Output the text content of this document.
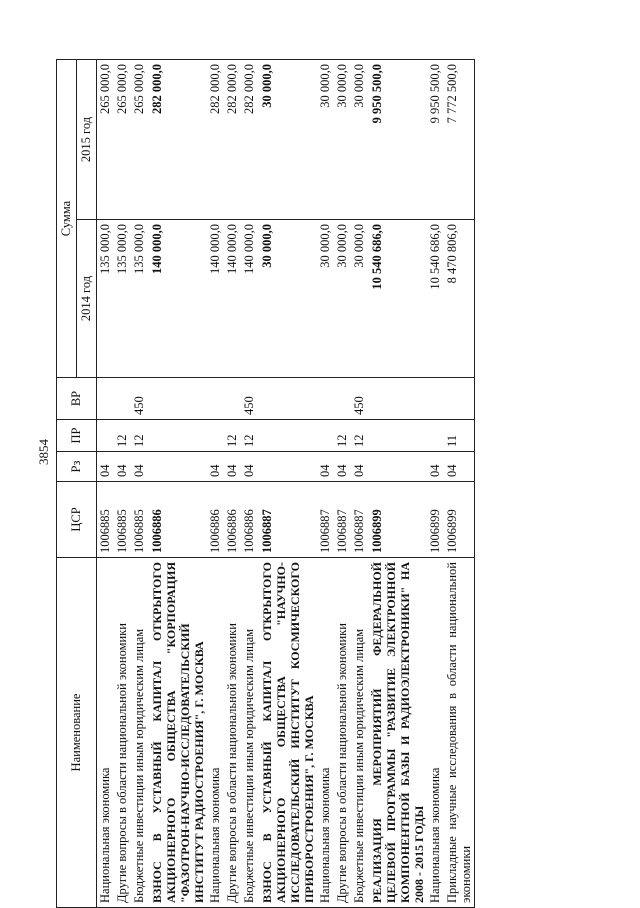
3854
Наименование	ЦСР	Рз	ПР	ВР	Сумма	
					2014 год	2015 год
Национальная экономика	1006885	04			135 000,0	265 000,0
Другие вопросы в области национальной экономики	1006885	04	12		135 000,0	265 000,0
Бюджетные инвестиции иным юридическим лицам	1006885	04	12	450	135 000,0	265 000,0
ВЗНОС В УСТАВНЫЙ КАПИТАЛ ОТКРЫТОГО АКЦИОНЕРНОГО ОБЩЕСТВА "КОРПОРАЦИЯ "ФАЗОТРОН-НАУЧНО-ИССЛЕДОВАТЕЛЬСКИЙ ИНСТИТУТ РАДИОСТРОЕНИЯ", Г. МОСКВА	1006886				140 000,0	282 000,0
Национальная экономика	1006886	04			140 000,0	282 000,0
Другие вопросы в области национальной экономики	1006886	04	12		140 000,0	282 000,0
Бюджетные инвестиции иным юридическим лицам	1006886	04	12	450	140 000,0	282 000,0
ВЗНОС В УСТАВНЫЙ КАПИТАЛ ОТКРЫТОГО АКЦИОНЕРНОГО ОБЩЕСТВА "НАУЧНО-ИССЛЕДОВАТЕЛЬСКИЙ ИНСТИТУТ КОСМИЧЕСКОГО ПРИБОРОСТРОЕНИЯ", Г. МОСКВА	1006887				30 000,0	30 000,0
Национальная экономика	1006887	04			30 000,0	30 000,0
Другие вопросы в области национальной экономики	1006887	04	12		30 000,0	30 000,0
Бюджетные инвестиции иным юридическим лицам	1006887	04	12	450	30 000,0	30 000,0
РЕАЛИЗАЦИЯ МЕРОПРИЯТИЙ ФЕДЕРАЛЬНОЙ ЦЕЛЕВОЙ ПРОГРАММЫ "РАЗВИТИЕ ЭЛЕКТРОННОЙ КОМПОНЕНТНОЙ БАЗЫ И РАДИОЭЛЕКТРОНИКИ" НА 2008 - 2015 ГОДЫ	1006899				10 540 686,0	9 950 500,0
Национальная экономика	1006899	04			10 540 686,0	9 950 500,0
Прикладные научные исследования в области национальной экономики	1006899	04	11		8 470 806,0	7 772 500,0
